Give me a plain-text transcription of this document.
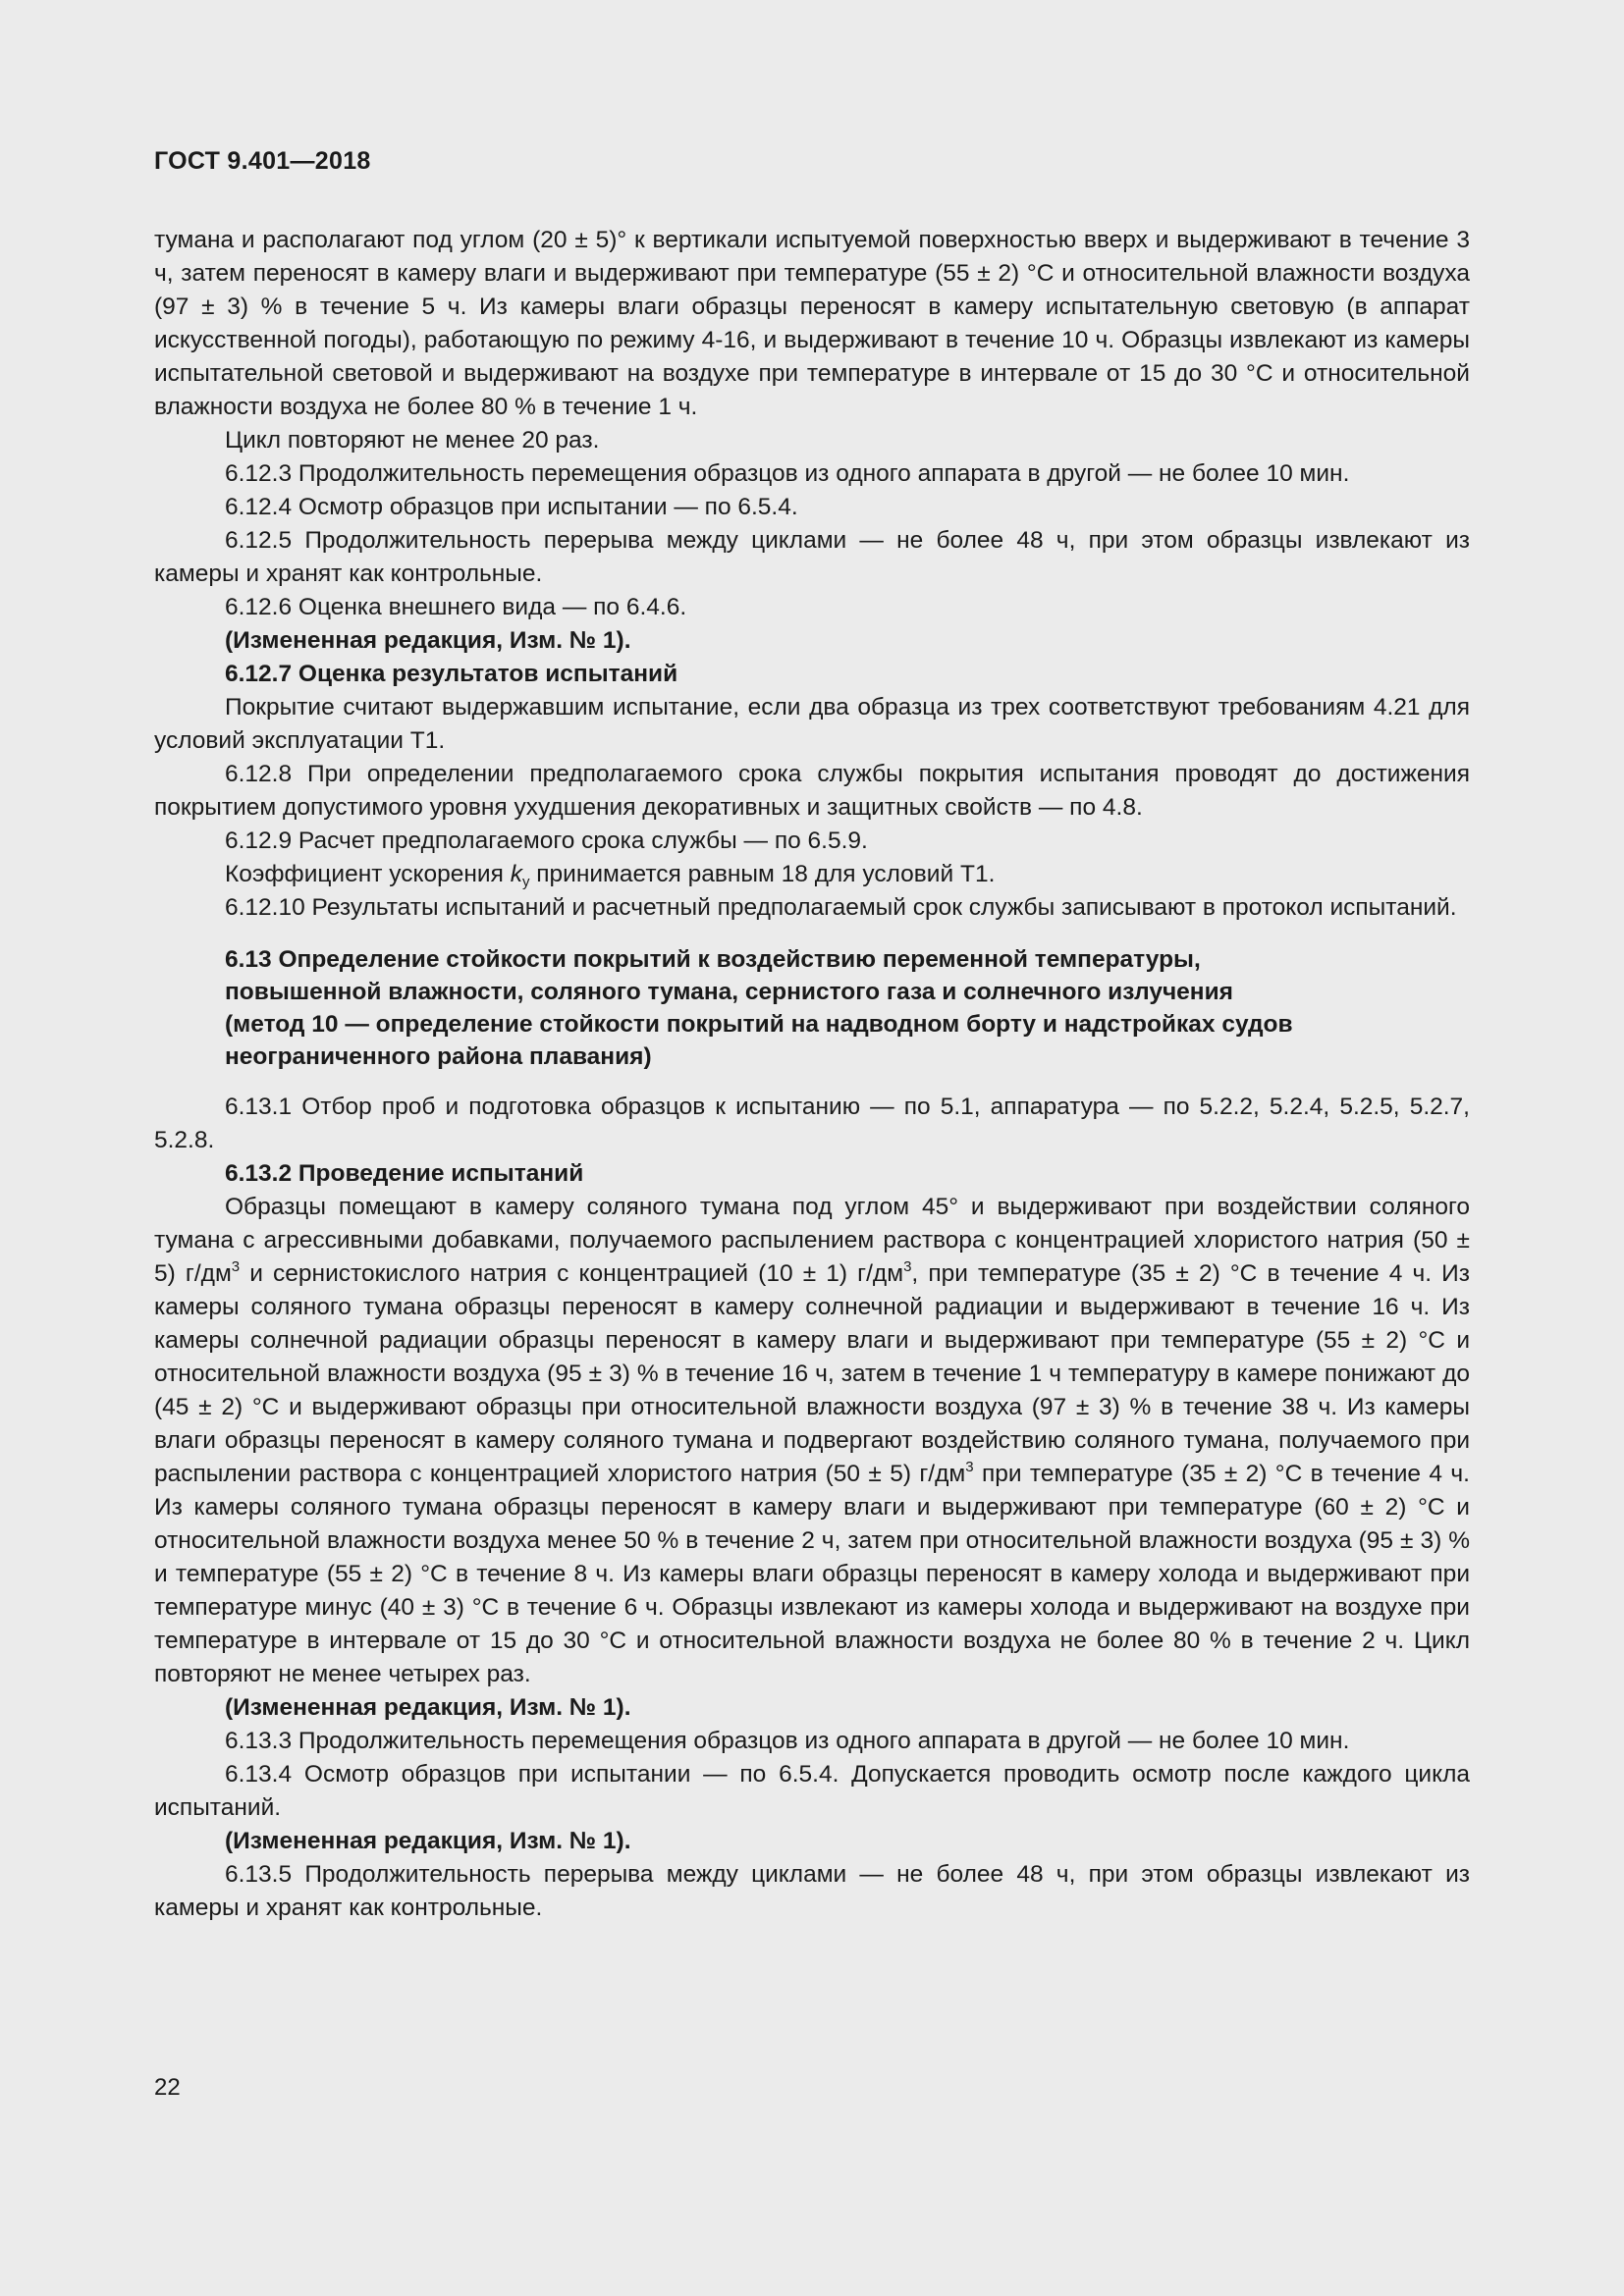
ГОСТ 9.401—2018

тумана и располагают под углом (20 ± 5)° к вертикали испытуемой поверхностью вверх и выдерживают в течение 3 ч, затем переносят в камеру влаги и выдерживают при температуре (55 ± 2) °С и относительной влажности воздуха (97 ± 3) % в течение 5 ч. Из камеры влаги образцы переносят в камеру испытательную световую (в аппарат искусственной погоды), работающую по режиму 4-16, и выдерживают в течение 10 ч. Образцы извлекают из камеры испытательной световой и выдерживают на воздухе при температуре в интервале от 15 до 30 °С и относительной влажности воздуха не более 80 % в течение 1 ч.

Цикл повторяют не менее 20 раз.

6.12.3 Продолжительность перемещения образцов из одного аппарата в другой — не более 10 мин.

6.12.4 Осмотр образцов при испытании — по 6.5.4.

6.12.5 Продолжительность перерыва между циклами — не более 48 ч, при этом образцы извлекают из камеры и хранят как контрольные.

6.12.6 Оценка внешнего вида — по 6.4.6.

(Измененная редакция, Изм. № 1).

6.12.7 Оценка результатов испытаний

Покрытие считают выдержавшим испытание, если два образца из трех соответствуют требованиям 4.21 для условий эксплуатации Т1.

6.12.8 При определении предполагаемого срока службы покрытия испытания проводят до достижения покрытием допустимого уровня ухудшения декоративных и защитных свойств — по 4.8.

6.12.9 Расчет предполагаемого срока службы — по 6.5.9.

Коэффициент ускорения $k_у$ принимается равным 18 для условий Т1.

6.12.10 Результаты испытаний и расчетный предполагаемый срок службы записывают в протокол испытаний.

6.13 Определение стойкости покрытий к воздействию переменной температуры,
повышенной влажности, соляного тумана, сернистого газа и солнечного излучения
(метод 10 — определение стойкости покрытий на надводном борту и надстройках судов
неограниченного района плавания)

6.13.1 Отбор проб и подготовка образцов к испытанию — по 5.1, аппаратура — по 5.2.2, 5.2.4, 5.2.5, 5.2.7, 5.2.8.

6.13.2 Проведение испытаний

Образцы помещают в камеру соляного тумана под углом 45° и выдерживают при воздействии соляного тумана с агрессивными добавками, получаемого распылением раствора с концентрацией хлористого натрия (50 ± 5) $г/дм^3$ и сернистокислого натрия с концентрацией (10 ± 1) $г/дм^3$, при температуре (35 ± 2) °С в течение 4 ч. Из камеры соляного тумана образцы переносят в камеру солнечной радиации и выдерживают в течение 16 ч. Из камеры солнечной радиации образцы переносят в камеру влаги и выдерживают при температуре (55 ± 2) °С и относительной влажности воздуха (95 ± 3) % в течение 16 ч, затем в течение 1 ч температуру в камере понижают до (45 ± 2) °С и выдерживают образцы при относительной влажности воздуха (97 ± 3) % в течение 38 ч. Из камеры влаги образцы переносят в камеру соляного тумана и подвергают воздействию соляного тумана, получаемого при распылении раствора с концентрацией хлористого натрия (50 ± 5) $г/дм^3$ при температуре (35 ± 2) °С в течение 4 ч. Из камеры соляного тумана образцы переносят в камеру влаги и выдерживают при температуре (60 ± 2) °С и относительной влажности воздуха менее 50 % в течение 2 ч, затем при относительной влажности воздуха (95 ± 3) % и температуре (55 ± 2) °С в течение 8 ч. Из камеры влаги образцы переносят в камеру холода и выдерживают при температуре минус (40 ± 3) °С в течение 6 ч. Образцы извлекают из камеры холода и выдерживают на воздухе при температуре в интервале от 15 до 30 °С и относительной влажности воздуха не более 80 % в течение 2 ч. Цикл повторяют не менее четырех раз.

(Измененная редакция, Изм. № 1).

6.13.3 Продолжительность перемещения образцов из одного аппарата в другой — не более 10 мин.

6.13.4 Осмотр образцов при испытании — по 6.5.4. Допускается проводить осмотр после каждого цикла испытаний.

(Измененная редакция, Изм. № 1).

6.13.5 Продолжительность перерыва между циклами — не более 48 ч, при этом образцы извлекают из камеры и хранят как контрольные.

22
